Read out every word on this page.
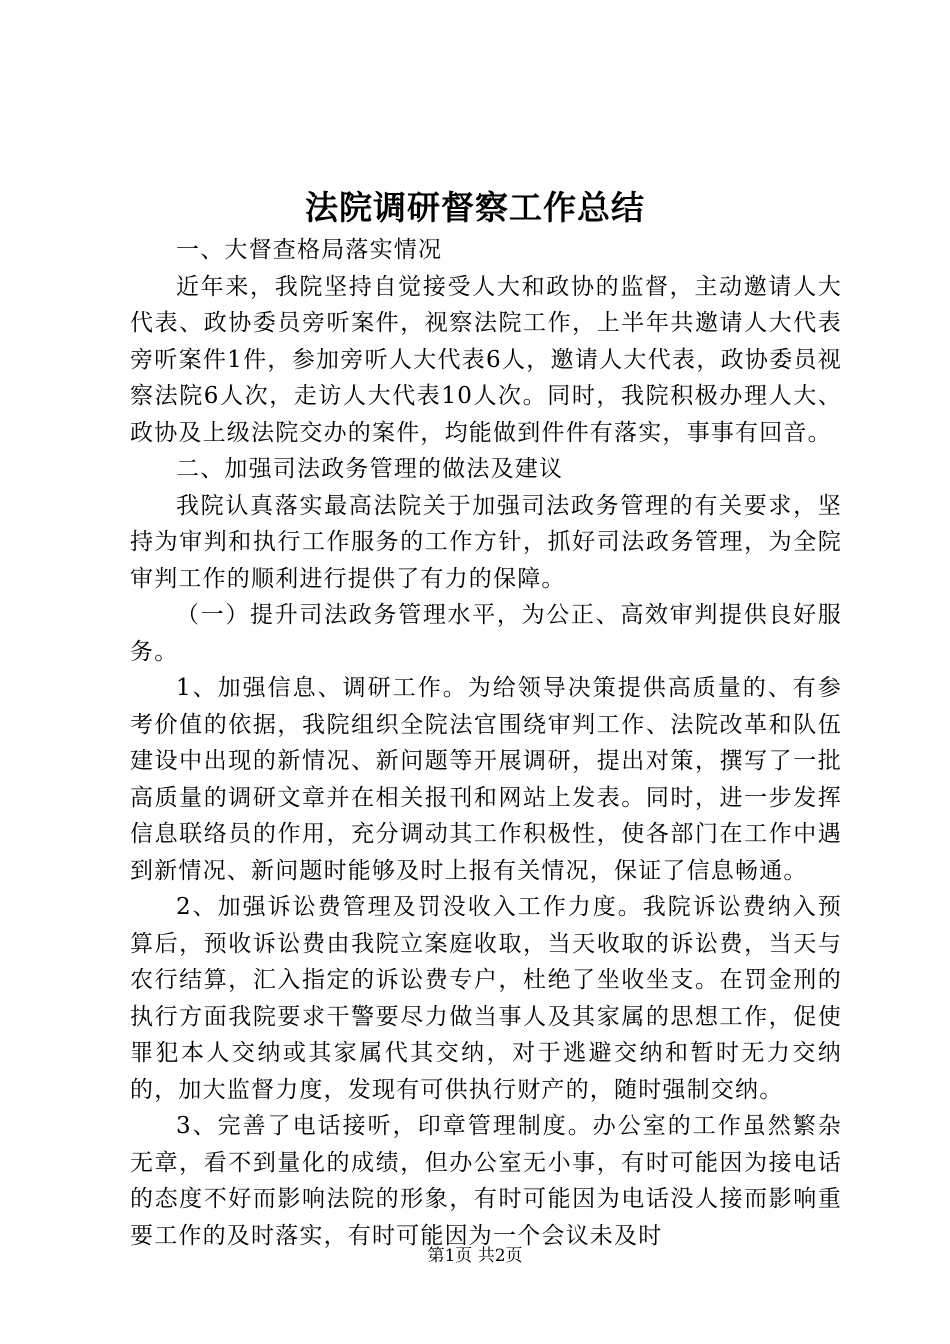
法院调研督察工作总结

一、大督查格局落实情况

近年来，我院坚持自觉接受人大和政协的监督，主动邀请人大代表、政协委员旁听案件，视察法院工作，上半年共邀请人大代表旁听案件1件，参加旁听人大代表6人，邀请人大代表，政协委员视察法院6人次，走访人大代表10人次。同时，我院积极办理人大、政协及上级法院交办的案件，均能做到件件有落实，事事有回音。

二、加强司法政务管理的做法及建议

我院认真落实最高法院关于加强司法政务管理的有关要求，坚持为审判和执行工作服务的工作方针，抓好司法政务管理，为全院审判工作的顺利进行提供了有力的保障。

（一）提升司法政务管理水平，为公正、高效审判提供良好服务。

1、加强信息、调研工作。为给领导决策提供高质量的、有参考价值的依据，我院组织全院法官围绕审判工作、法院改革和队伍建设中出现的新情况、新问题等开展调研，提出对策，撰写了一批高质量的调研文章并在相关报刊和网站上发表。同时，进一步发挥信息联络员的作用，充分调动其工作积极性，使各部门在工作中遇到新情况、新问题时能够及时上报有关情况，保证了信息畅通。

2、加强诉讼费管理及罚没收入工作力度。我院诉讼费纳入预算后，预收诉讼费由我院立案庭收取，当天收取的诉讼费，当天与农行结算，汇入指定的诉讼费专户，杜绝了坐收坐支。在罚金刑的执行方面我院要求干警要尽力做当事人及其家属的思想工作，促使罪犯本人交纳或其家属代其交纳，对于逃避交纳和暂时无力交纳的，加大监督力度，发现有可供执行财产的，随时强制交纳。

3、完善了电话接听，印章管理制度。办公室的工作虽然繁杂无章，看不到量化的成绩，但办公室无小事，有时可能因为接电话的态度不好而影响法院的形象，有时可能因为电话没人接而影响重要工作的及时落实，有时可能因为一个会议未及时

第1页 共2页
